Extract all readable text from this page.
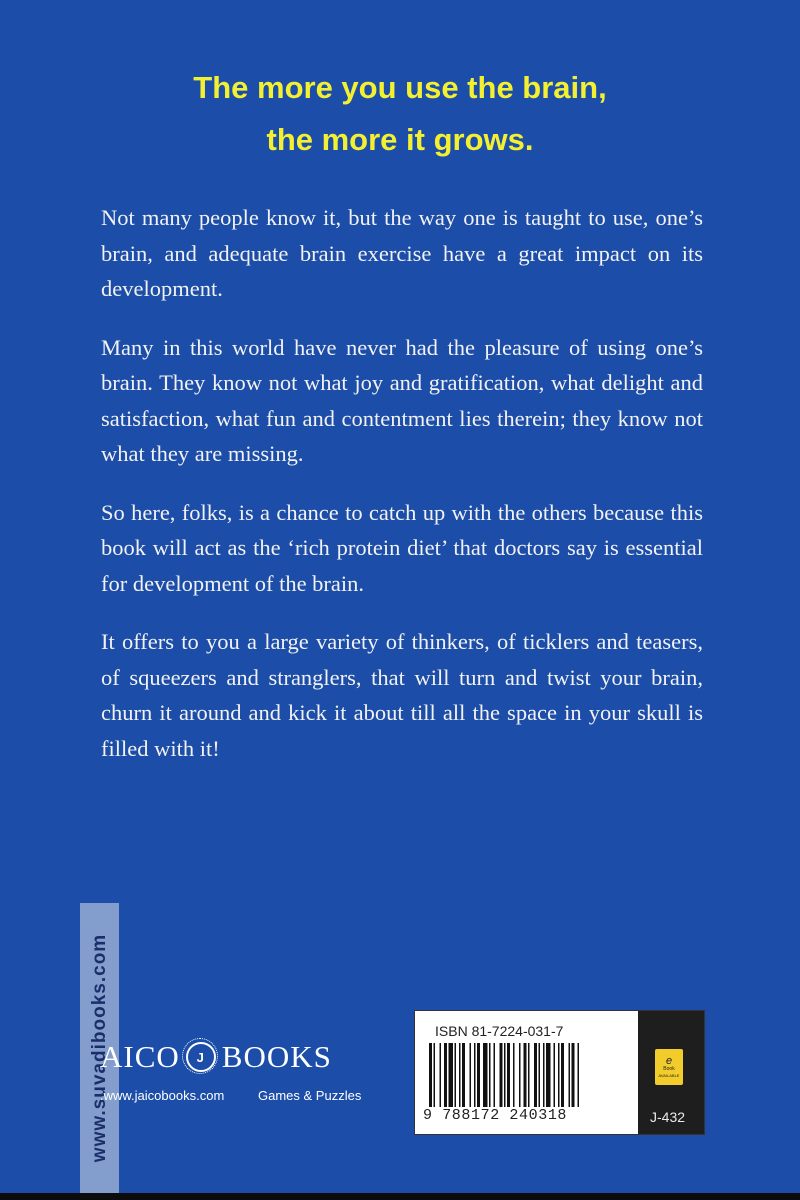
The more you use the brain,
the more it grows.

Not many people know it, but the way one is taught to use, one’s brain, and adequate brain exercise have a great impact on its development.

Many in this world have never had the pleasure of using one’s brain. They know not what joy and gratification, what delight and satisfaction, what fun and contentment lies therein; they know not what they are missing.

So here, folks, is a chance to catch up with the others because this book will act as the ‘rich protein diet’ that doctors say is essential for development of the brain.

It offers to you a large variety of thinkers, of ticklers and teasers, of squeezers and stranglers, that will turn and twist your brain, churn it around and kick it about till all the space in your skull is filled with it!

www.suvadibooks.com
AICO J BOOKS
.www.jaicobooks.com	Games & Puzzles
ISBN 81-7224-031-7
9 788172 240318
e
Book
AVAILABLE
J-432
